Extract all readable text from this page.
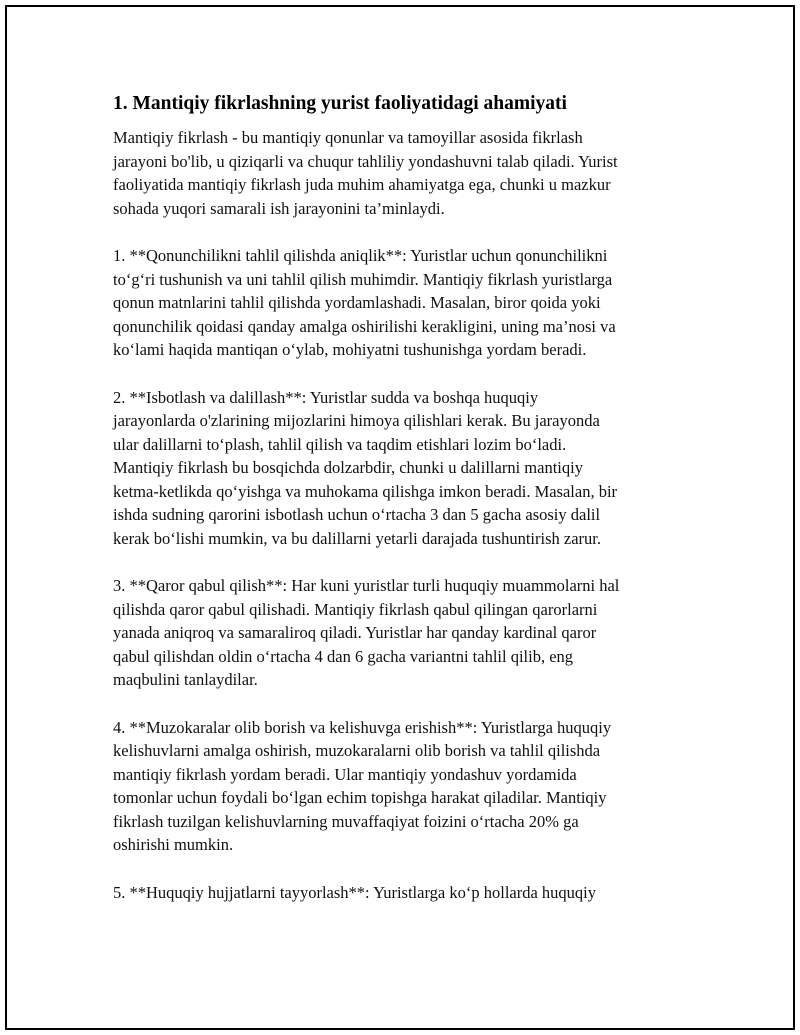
1. Mantiqiy fikrlashning yurist faoliyatidagi ahamiyati

Mantiqiy fikrlash - bu mantiqiy qonunlar va tamoyillar asosida fikrlash
jarayoni bo'lib, u qiziqarli va chuqur tahliliy yondashuvni talab qiladi. Yurist
faoliyatida mantiqiy fikrlash juda muhim ahamiyatga ega, chunki u mazkur
sohada yuqori samarali ish jarayonini ta’minlaydi.

1. **Qonunchilikni tahlil qilishda aniqlik**: Yuristlar uchun qonunchilikni
to‘g‘ri tushunish va uni tahlil qilish muhimdir. Mantiqiy fikrlash yuristlarga
qonun matnlarini tahlil qilishda yordamlashadi. Masalan, biror qoida yoki
qonunchilik qoidasi qanday amalga oshirilishi kerakligini, uning ma’nosi va
ko‘lami haqida mantiqan o‘ylab, mohiyatni tushunishga yordam beradi.

2. **Isbotlash va dalillash**: Yuristlar sudda va boshqa huquqiy
jarayonlarda o'zlarining mijozlarini himoya qilishlari kerak. Bu jarayonda
ular dalillarni to‘plash, tahlil qilish va taqdim etishlari lozim bo‘ladi.
Mantiqiy fikrlash bu bosqichda dolzarbdir, chunki u dalillarni mantiqiy
ketma-ketlikda qo‘yishga va muhokama qilishga imkon beradi. Masalan, bir
ishda sudning qarorini isbotlash uchun o‘rtacha 3 dan 5 gacha asosiy dalil
kerak bo‘lishi mumkin, va bu dalillarni yetarli darajada tushuntirish zarur.

3. **Qaror qabul qilish**: Har kuni yuristlar turli huquqiy muammolarni hal
qilishda qaror qabul qilishadi. Mantiqiy fikrlash qabul qilingan qarorlarni
yanada aniqroq va samaraliroq qiladi. Yuristlar har qanday kardinal qaror
qabul qilishdan oldin o‘rtacha 4 dan 6 gacha variantni tahlil qilib, eng
maqbulini tanlaydilar.

4. **Muzokaralar olib borish va kelishuvga erishish**: Yuristlarga huquqiy
kelishuvlarni amalga oshirish, muzokaralarni olib borish va tahlil qilishda
mantiqiy fikrlash yordam beradi. Ular mantiqiy yondashuv yordamida
tomonlar uchun foydali bo‘lgan echim topishga harakat qiladilar. Mantiqiy
fikrlash tuzilgan kelishuvlarning muvaffaqiyat foizini o‘rtacha 20% ga
oshirishi mumkin.

5. **Huquqiy hujjatlarni tayyorlash**: Yuristlarga ko‘p hollarda huquqiy
